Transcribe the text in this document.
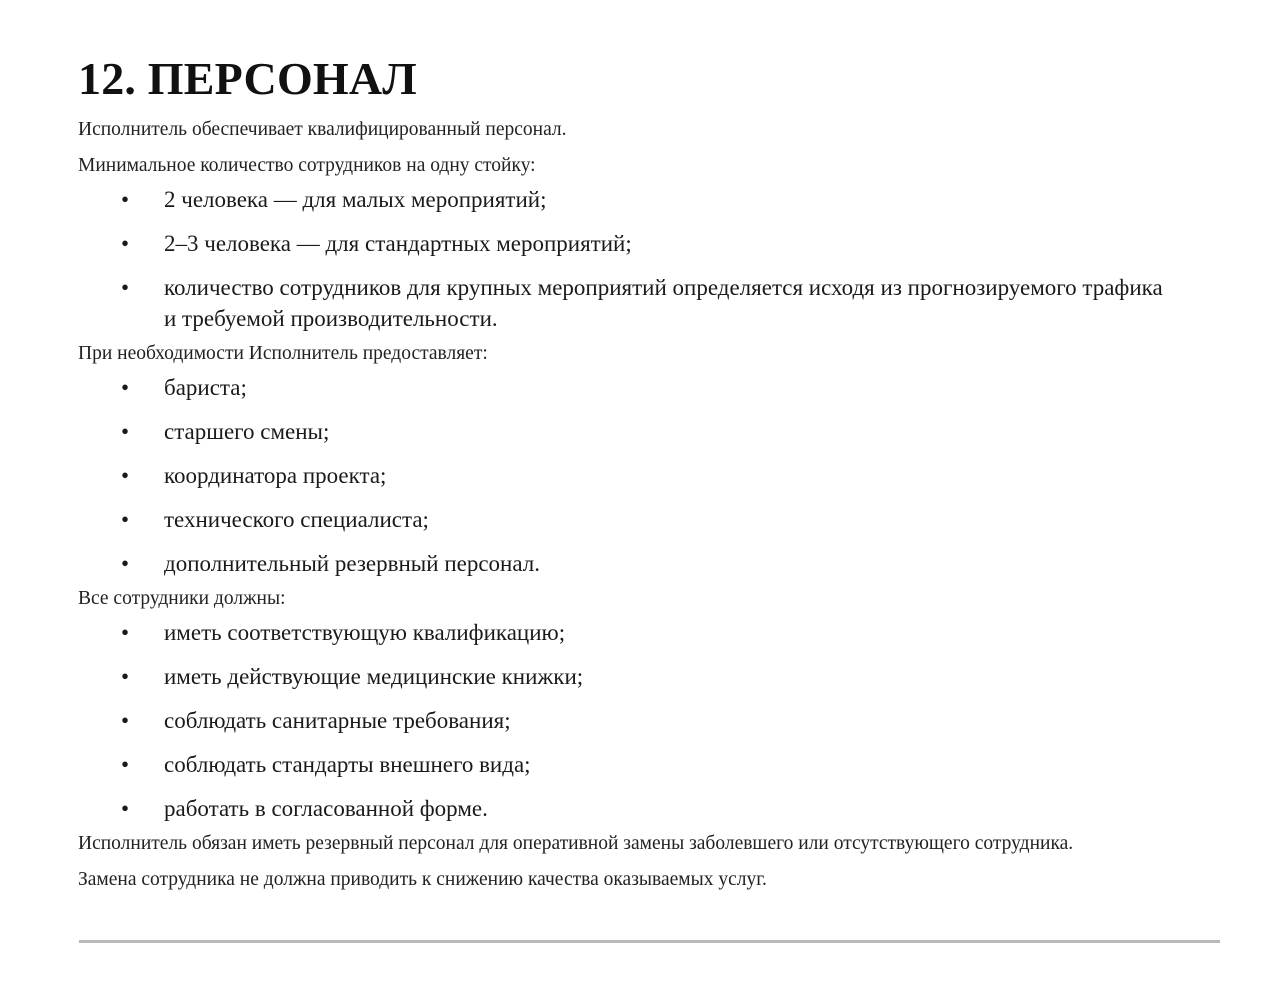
12. ПЕРСОНАЛ

Исполнитель обеспечивает квалифицированный персонал.

Минимальное количество сотрудников на одну стойку:

• 2 человека — для малых мероприятий;
• 2–3 человека — для стандартных мероприятий;
•	количество сотрудников для крупных мероприятий определяется исходя из прогнозируемого трафика
и требуемой производительности.

При необходимости Исполнитель предоставляет:

• бариста;
• старшего смены;
• координатора проекта;
• технического специалиста;
• дополнительный резервный персонал.

Все сотрудники должны:

• иметь соответствующую квалификацию;
• иметь действующие медицинские книжки;
• соблюдать санитарные требования;
• соблюдать стандарты внешнего вида;
• работать в согласованной форме.

Исполнитель обязан иметь резервный персонал для оперативной замены заболевшего или отсутствующего сотрудника.

Замена сотрудника не должна приводить к снижению качества оказываемых услуг.
